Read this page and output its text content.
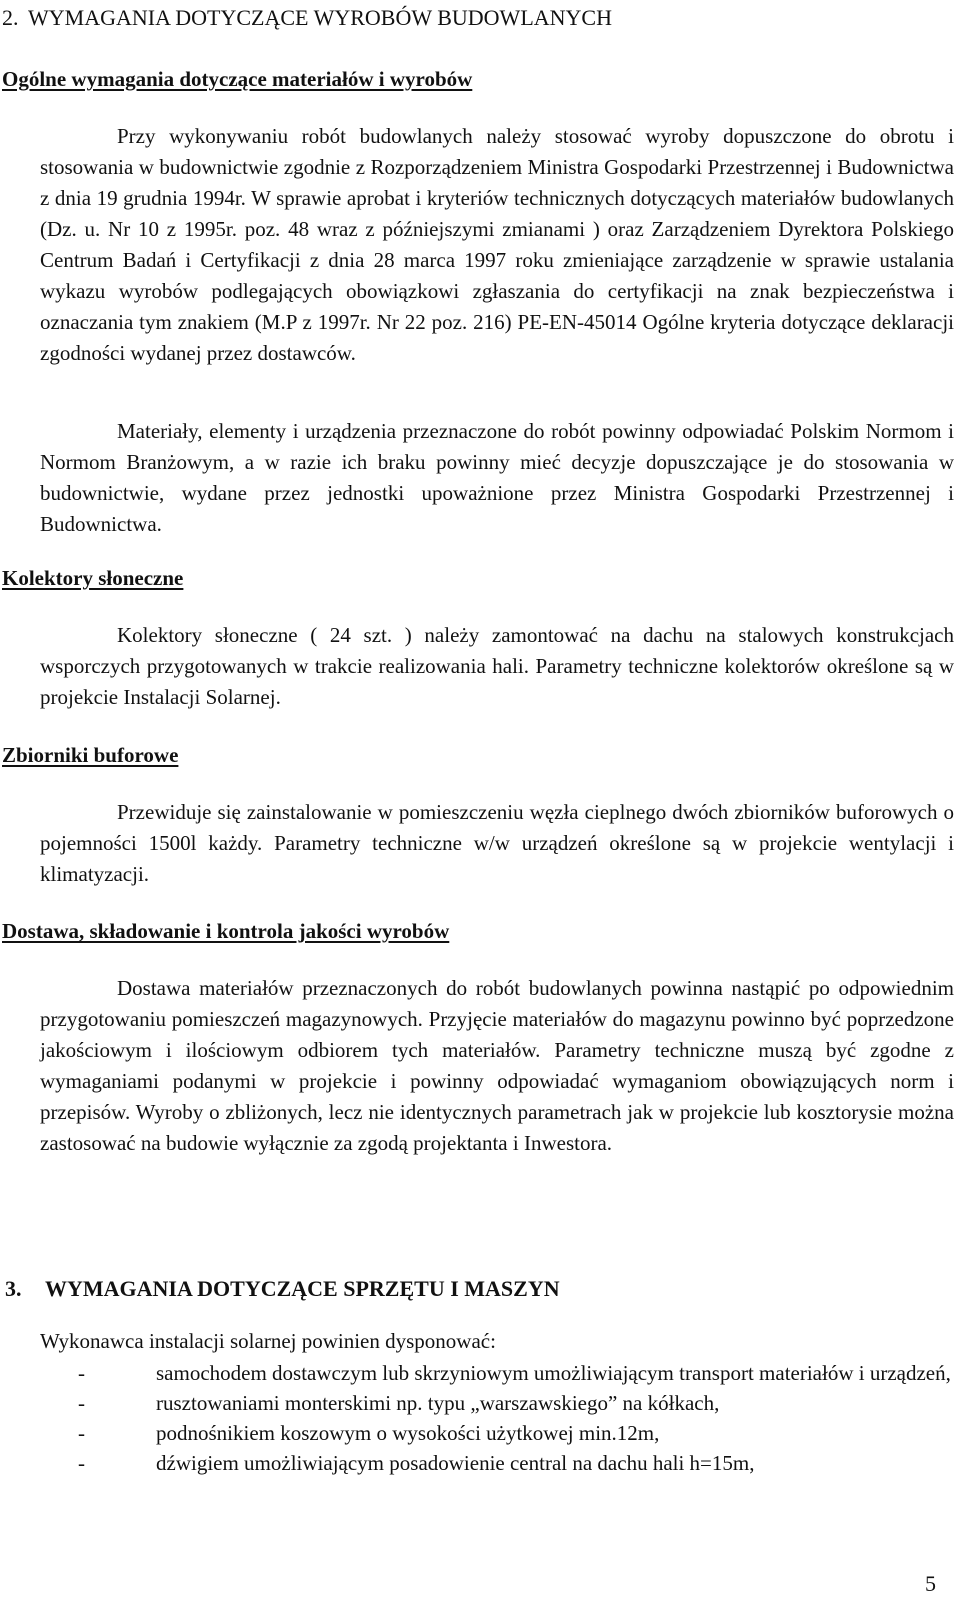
2. WYMAGANIA DOTYCZĄCE WYROBÓW BUDOWLANYCH
Ogólne wymagania dotyczące materiałów i wyrobów

Przy wykonywaniu robót budowlanych należy stosować wyroby dopuszczone do obrotu i stosowania w budownictwie zgodnie z Rozporządzeniem Ministra Gospodarki Przestrzennej i Budownictwa z dnia 19 grudnia 1994r. W sprawie aprobat i kryteriów technicznych dotyczących materiałów budowlanych (Dz. u. Nr 10 z 1995r. poz. 48 wraz z późniejszymi zmianami ) oraz Zarządzeniem Dyrektora Polskiego Centrum Badań i Certyfikacji z dnia 28 marca 1997 roku zmieniające zarządzenie w sprawie ustalania wykazu wyrobów podlegających obowiązkowi zgłaszania do certyfikacji na znak bezpieczeństwa i oznaczania tym znakiem (M.P z 1997r. Nr 22 poz. 216) PE-EN-45014 Ogólne kryteria dotyczące deklaracji zgodności wydanej przez dostawców.

Materiały, elementy i urządzenia przeznaczone do robót powinny odpowiadać Polskim Normom i Normom Branżowym, a w razie ich braku powinny mieć decyzje dopuszczające je do stosowania w budownictwie, wydane przez jednostki upoważnione przez Ministra Gospodarki Przestrzennej i Budownictwa.

Kolektory słoneczne

Kolektory słoneczne ( 24 szt. ) należy zamontować na dachu na stalowych konstrukcjach wsporczych przygotowanych w trakcie realizowania hali. Parametry techniczne kolektorów określone są w projekcie Instalacji Solarnej.

Zbiorniki buforowe

Przewiduje się zainstalowanie w pomieszczeniu węzła cieplnego dwóch zbiorników buforowych o pojemności 1500l każdy. Parametry techniczne w/w urządzeń określone są w projekcie wentylacji i klimatyzacji.

Dostawa, składowanie i kontrola jakości wyrobów

Dostawa materiałów przeznaczonych do robót budowlanych powinna nastąpić po odpowiednim przygotowaniu pomieszczeń magazynowych. Przyjęcie materiałów do magazynu powinno być poprzedzone jakościowym i ilościowym odbiorem tych materiałów. Parametry techniczne muszą być zgodne z wymaganiami podanymi w projekcie i powinny odpowiadać wymaganiom obowiązujących norm i przepisów. Wyroby o zbliżonych, lecz nie identycznych parametrach jak w projekcie lub kosztorysie można zastosować na budowie wyłącznie za zgodą projektanta i Inwestora.

3. WYMAGANIA DOTYCZĄCE SPRZĘTU I MASZYN

Wykonawca instalacji solarnej powinien dysponować:

-	samochodem dostawczym lub skrzyniowym umożliwiającym transport materiałów i urządzeń,
-	rusztowaniami monterskimi np. typu „warszawskiego” na kółkach,
-	podnośnikiem koszowym o wysokości użytkowej min.12m,
-	dźwigiem umożliwiającym posadowienie central na dachu hali h=15m,
5
